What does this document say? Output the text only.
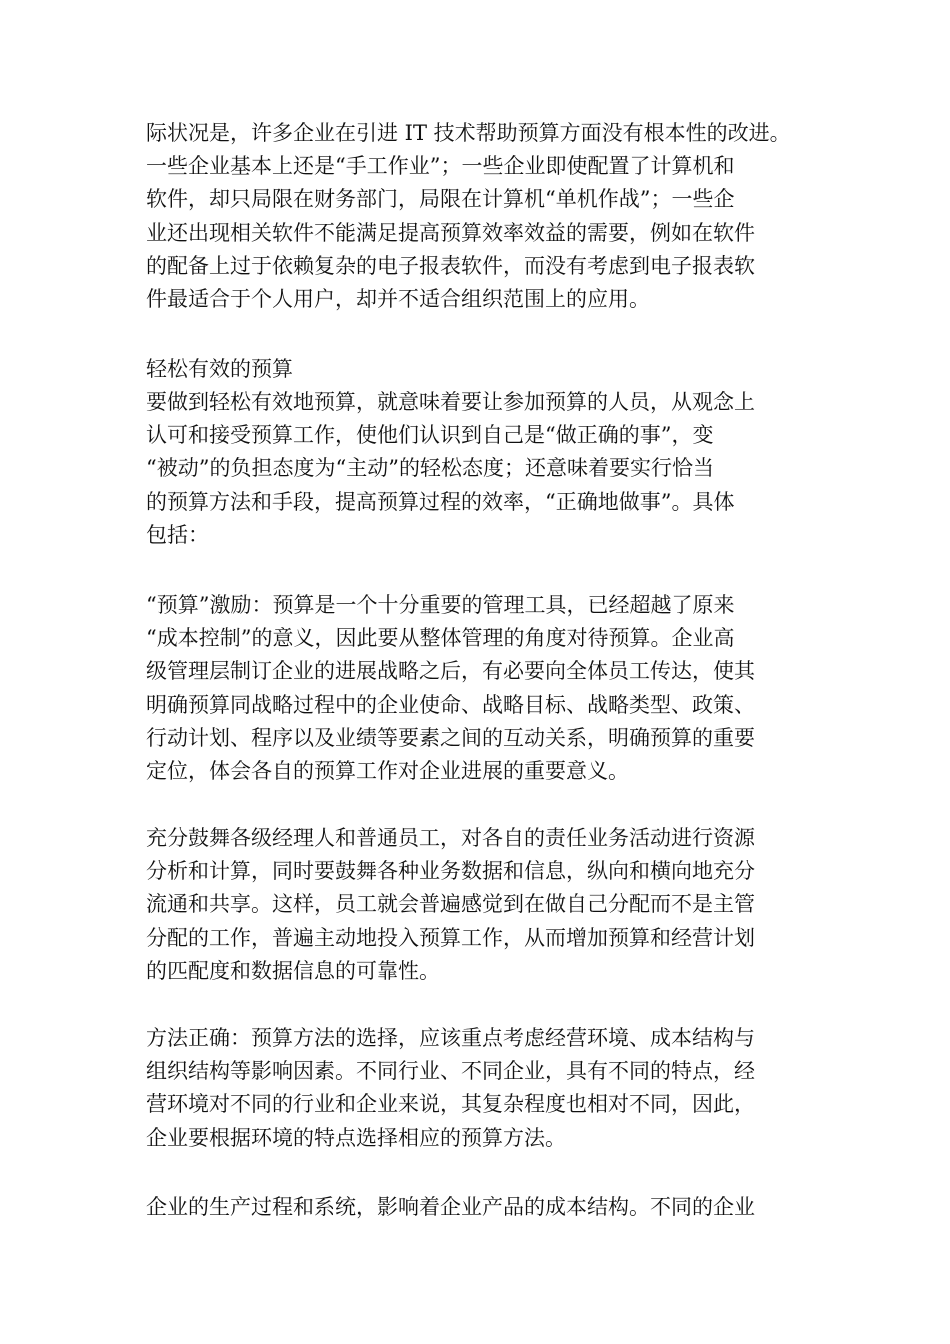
际状况是，许多企业在引进 IT 技术帮助预算方面没有根本性的改进。
一些企业基本上还是“手工作业”；一些企业即使配置了计算机和
软件，却只局限在财务部门，局限在计算机“单机作战”；一些企
业还出现相关软件不能满足提高预算效率效益的需要，例如在软件
的配备上过于依赖复杂的电子报表软件，而没有考虑到电子报表软
件最适合于个人用户，却并不适合组织范围上的应用。
轻松有效的预算
要做到轻松有效地预算，就意味着要让参加预算的人员，从观念上
认可和接受预算工作，使他们认识到自己是“做正确的事”，变
“被动”的负担态度为“主动”的轻松态度；还意味着要实行恰当
的预算方法和手段，提高预算过程的效率，“正确地做事”。具体
包括：
“预算”激励：预算是一个十分重要的管理工具，已经超越了原来
“成本控制”的意义，因此要从整体管理的角度对待预算。企业高
级管理层制订企业的进展战略之后，有必要向全体员工传达，使其
明确预算同战略过程中的企业使命、战略目标、战略类型、政策、
行动计划、程序以及业绩等要素之间的互动关系，明确预算的重要
定位，体会各自的预算工作对企业进展的重要意义。
充分鼓舞各级经理人和普通员工，对各自的责任业务活动进行资源
分析和计算，同时要鼓舞各种业务数据和信息，纵向和横向地充分
流通和共享。这样，员工就会普遍感觉到在做自己分配而不是主管
分配的工作，普遍主动地投入预算工作，从而增加预算和经营计划
的匹配度和数据信息的可靠性。
方法正确：预算方法的选择，应该重点考虑经营环境、成本结构与
组织结构等影响因素。不同行业、不同企业，具有不同的特点，经
营环境对不同的行业和企业来说，其复杂程度也相对不同，因此，
企业要根据环境的特点选择相应的预算方法。
企业的生产过程和系统，影响着企业产品的成本结构。不同的企业
